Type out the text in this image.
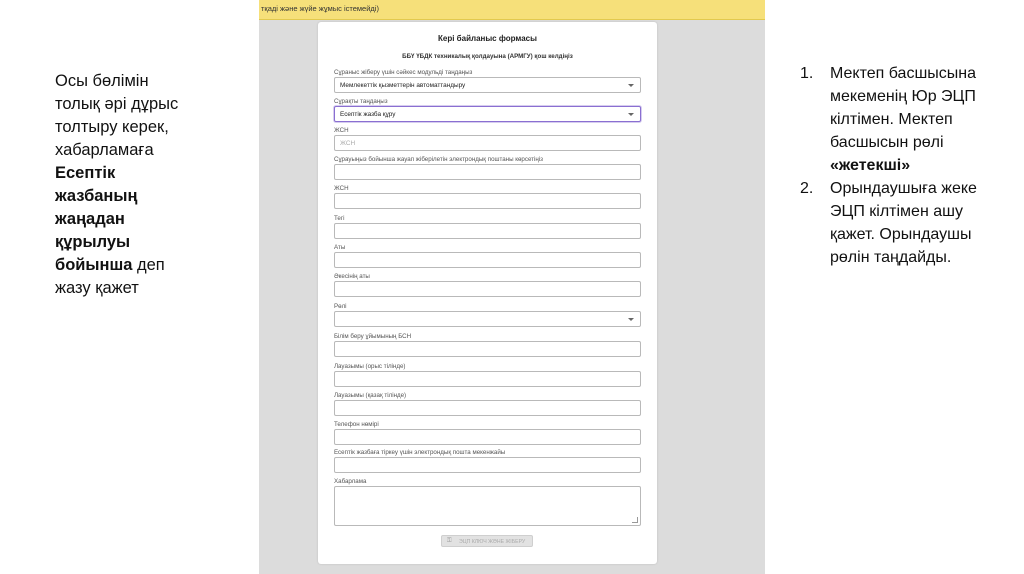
Осы бөлімін
толық әрі дұрыс
толтыру керек,
хабарламаға
Есептік
жазбаның
жаңадан
құрылуы
бойынша деп
жазу қажет
тқаді және жүйе жұмыс істемейді)
Кері байланыс формасы
ББҮ ҮБДК техникалық қолдауына (АРМГУ) қош келдіңіз
Сұраныс жіберу үшін сәйкес модульді таңдаңыз
Мемлекеттік қызметтерін автоматтандыру
Сұрақты таңдаңыз
Есептік жазба құру
ЖСН
ЖСН
Сұрауыңыз бойынша жауап жіберілетін электрондық поштаны көрсетіңіз
ЖСН
Тегі
Аты
Әкесінің аты
Рөлі
Білім беру ұйымының БСН
Лауазымы (орыс тілінде)
Лауазымы (қазақ тілінде)
Телефон нөмірі
Есептік жазбаға тіркеу үшін электрондық пошта мекенжайы
Хабарлама
⚿ ЭЦП КЛЮЧ ЖӘНЕ ЖІБЕРУ
1. Мектеп басшысына мекеменің Юр ЭЦП кілтімен. Мектеп басшысын рөлі «жетекші»
2. Орындаушыға жеке ЭЦП кілтімен ашу қажет. Орындаушы рөлін таңдайды.
